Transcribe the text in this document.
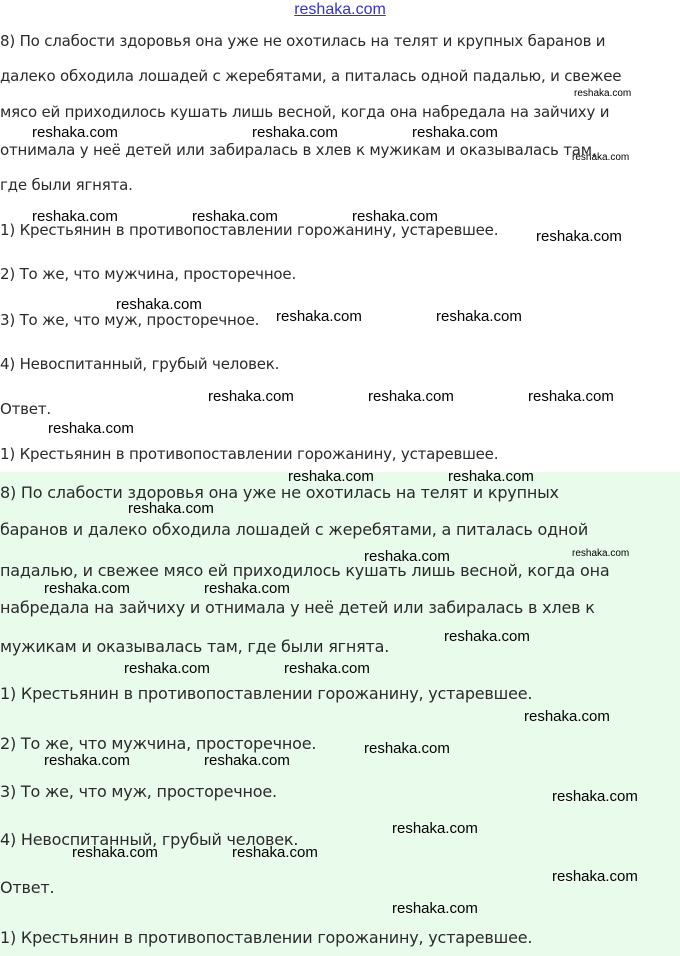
reshaka.com
8) По слабости здоровья она уже не охотилась на телят и крупных баранов и
далеко обходила лошадей с жеребятами, а питалась одной падалью, и свежее
мясо ей приходилось кушать лишь весной, когда она набредала на зайчиху и
отнимала у неё детей или забиралась в хлев к мужикам и оказывалась там,
где были ягнята.
1) Крестьянин в противопоставлении горожанину, устаревшее.
2) То же, что мужчина, просторечное.
3) То же, что муж, просторечное.
4) Невоспитанный, грубый человек.
Ответ.
1) Крестьянин в противопоставлении горожанину, устаревшее.
8) По слабости здоровья она уже не охотилась на телят и крупных
баранов и далеко обходила лошадей с жеребятами, а питалась одной
падалью, и свежее мясо ей приходилось кушать лишь весной, когда она
набредала на зайчиху и отнимала у неё детей или забиралась в хлев к
мужикам и оказывалась там, где были ягнята.
1) Крестьянин в противопоставлении горожанину, устаревшее.
2) То же, что мужчина, просторечное.
3) То же, что муж, просторечное.
4) Невоспитанный, грубый человек.
Ответ.
1) Крестьянин в противопоставлении горожанину, устаревшее.
reshaka.com
reshaka.com	reshaka.com	reshaka.com
reshaka.com
reshaka.com	reshaka.com	reshaka.com
reshaka.com
reshaka.com
reshaka.com	reshaka.com
reshaka.com	reshaka.com	reshaka.com
reshaka.com
reshaka.com	reshaka.com
reshaka.com
reshaka.com	reshaka.com
reshaka.com	reshaka.com
reshaka.com
reshaka.com	reshaka.com
reshaka.com
reshaka.com
reshaka.com	reshaka.com
reshaka.com
reshaka.com
reshaka.com	reshaka.com
reshaka.com
reshaka.com
